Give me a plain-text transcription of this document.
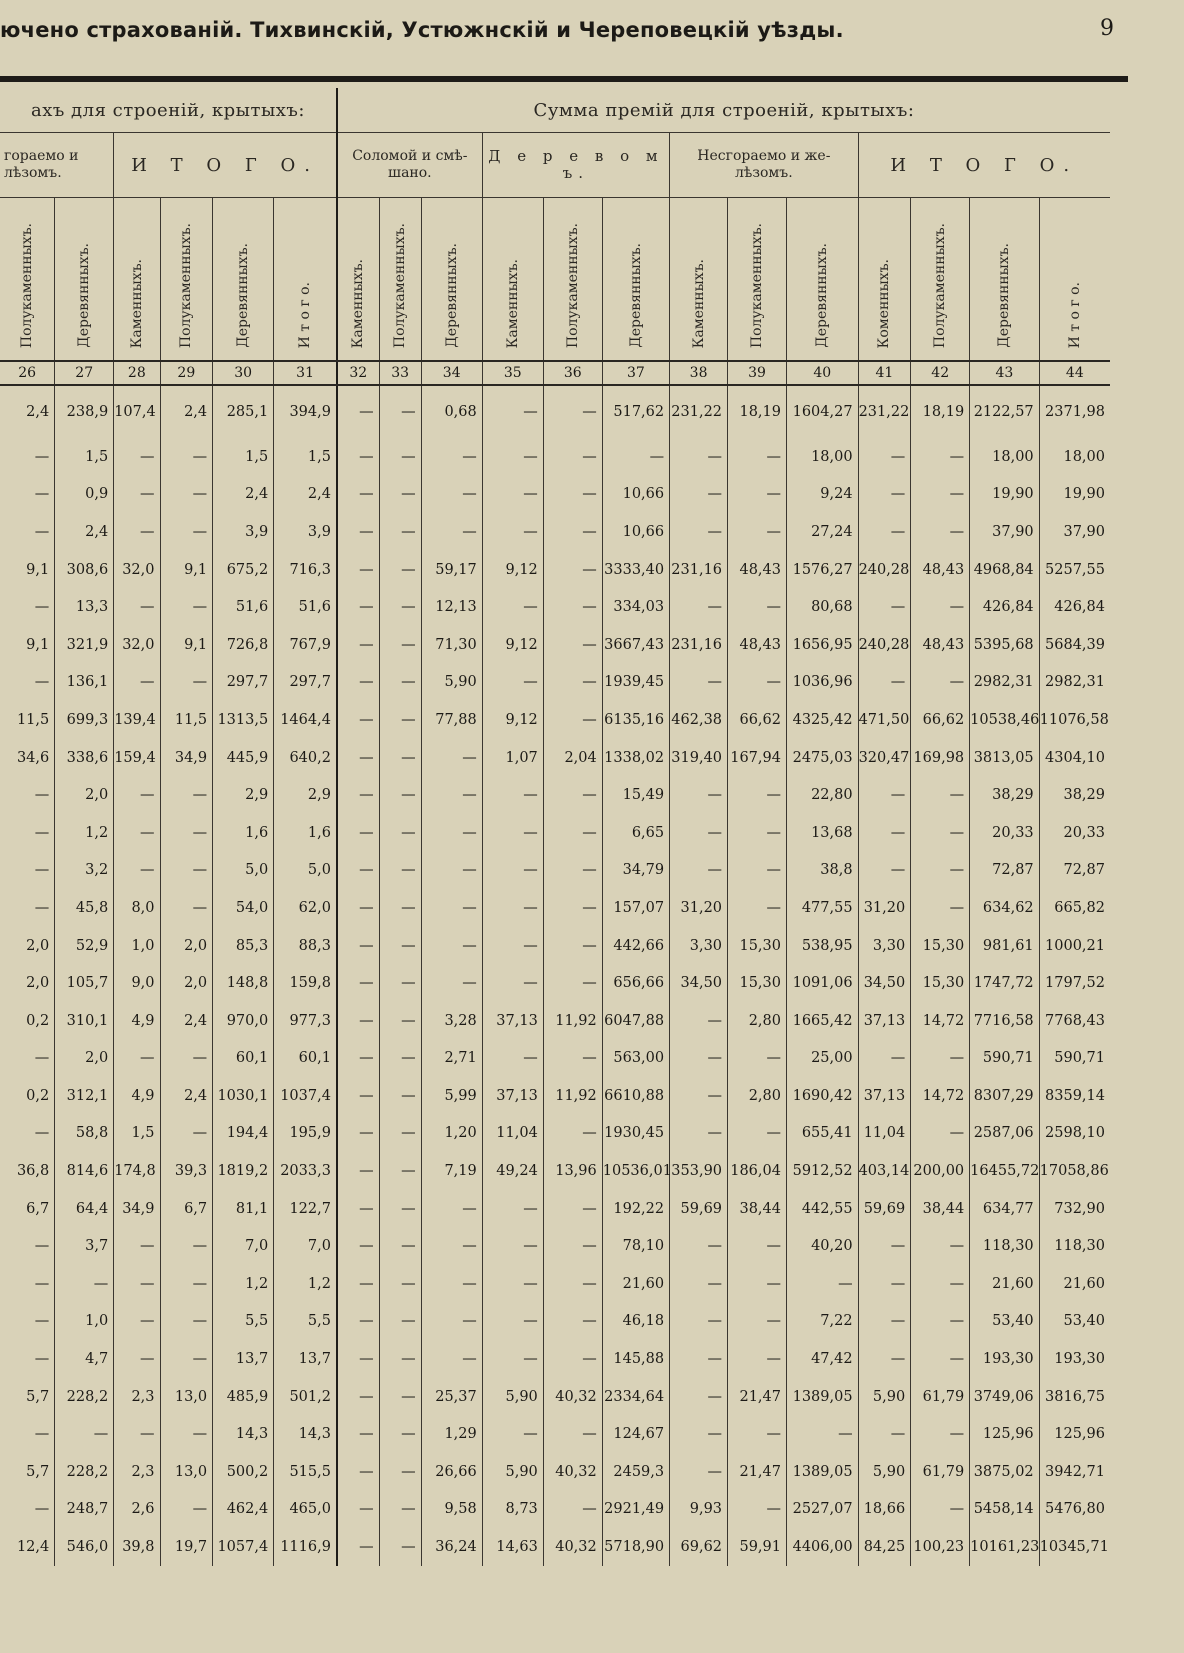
ючено страхованій. Тихвинскій, Устюжнскій и Череповецкій уѣзды.	9
ахъ для строеній, крытыхъ:						Сумма премій для строеній, крытыхъ:												
гораемо и
лѣзомъ.		И Т О Г О.				Соломой и смѣ-
шано.			Д е р е в о м ъ.			Несгораемо и же-
лѣзомъ.			И Т О Г О.			
Полукаменныхъ.	Деревянныхъ.	Каменныхъ.	Полукаменныхъ.	Деревянныхъ.	И т о г о.	Каменныхъ.	Полукаменныхъ.	Деревянныхъ.	Каменныхъ.	Полукаменныхъ.	Деревянныхъ.	Каменныхъ.	Полукаменныхъ.	Деревянныхъ.	Коменныхъ.	Полукаменныхъ.	Деревянныхъ.	И т о г о.
26	27	28	29	30	31	32	33	34	35	36	37	38	39	40	41	42	43	44
2,4	238,9	107,4	2,4	285,1	394,9	—	—	0,68	—	—	517,62	231,22	18,19	1604,27	231,22	18,19	2122,57	2371,98
—	1,5	—	—	1,5	1,5	—	—	—	—	—	—	—	—	18,00	—	—	18,00	18,00
—	0,9	—	—	2,4	2,4	—	—	—	—	—	10,66	—	—	9,24	—	—	19,90	19,90
—	2,4	—	—	3,9	3,9	—	—	—	—	—	10,66	—	—	27,24	—	—	37,90	37,90
9,1	308,6	32,0	9,1	675,2	716,3	—	—	59,17	9,12	—	3333,40	231,16	48,43	1576,27	240,28	48,43	4968,84	5257,55
—	13,3	—	—	51,6	51,6	—	—	12,13	—	—	334,03	—	—	80,68	—	—	426,84	426,84
9,1	321,9	32,0	9,1	726,8	767,9	—	—	71,30	9,12	—	3667,43	231,16	48,43	1656,95	240,28	48,43	5395,68	5684,39
—	136,1	—	—	297,7	297,7	—	—	5,90	—	—	1939,45	—	—	1036,96	—	—	2982,31	2982,31
11,5	699,3	139,4	11,5	1313,5	1464,4	—	—	77,88	9,12	—	6135,16	462,38	66,62	4325,42	471,50	66,62	10538,46	11076,58
34,6	338,6	159,4	34,9	445,9	640,2	—	—	—	1,07	2,04	1338,02	319,40	167,94	2475,03	320,47	169,98	3813,05	4304,10
—	2,0	—	—	2,9	2,9	—	—	—	—	—	15,49	—	—	22,80	—	—	38,29	38,29
—	1,2	—	—	1,6	1,6	—	—	—	—	—	6,65	—	—	13,68	—	—	20,33	20,33
—	3,2	—	—	5,0	5,0	—	—	—	—	—	34,79	—	—	38,8	—	—	72,87	72,87
—	45,8	8,0	—	54,0	62,0	—	—	—	—	—	157,07	31,20	—	477,55	31,20	—	634,62	665,82
2,0	52,9	1,0	2,0	85,3	88,3	—	—	—	—	—	442,66	3,30	15,30	538,95	3,30	15,30	981,61	1000,21
2,0	105,7	9,0	2,0	148,8	159,8	—	—	—	—	—	656,66	34,50	15,30	1091,06	34,50	15,30	1747,72	1797,52
0,2	310,1	4,9	2,4	970,0	977,3	—	—	3,28	37,13	11,92	6047,88	—	2,80	1665,42	37,13	14,72	7716,58	7768,43
—	2,0	—	—	60,1	60,1	—	—	2,71	—	—	563,00	—	—	25,00	—	—	590,71	590,71
0,2	312,1	4,9	2,4	1030,1	1037,4	—	—	5,99	37,13	11,92	6610,88	—	2,80	1690,42	37,13	14,72	8307,29	8359,14
—	58,8	1,5	—	194,4	195,9	—	—	1,20	11,04	—	1930,45	—	—	655,41	11,04	—	2587,06	2598,10
36,8	814,6	174,8	39,3	1819,2	2033,3	—	—	7,19	49,24	13,96	10536,01	353,90	186,04	5912,52	403,14	200,00	16455,72	17058,86
6,7	64,4	34,9	6,7	81,1	122,7	—	—	—	—	—	192,22	59,69	38,44	442,55	59,69	38,44	634,77	732,90
—	3,7	—	—	7,0	7,0	—	—	—	—	—	78,10	—	—	40,20	—	—	118,30	118,30
—	—	—	—	1,2	1,2	—	—	—	—	—	21,60	—	—	—	—	—	21,60	21,60
—	1,0	—	—	5,5	5,5	—	—	—	—	—	46,18	—	—	7,22	—	—	53,40	53,40
—	4,7	—	—	13,7	13,7	—	—	—	—	—	145,88	—	—	47,42	—	—	193,30	193,30
5,7	228,2	2,3	13,0	485,9	501,2	—	—	25,37	5,90	40,32	2334,64	—	21,47	1389,05	5,90	61,79	3749,06	3816,75
—	—	—	—	14,3	14,3	—	—	1,29	—	—	124,67	—	—	—	—	—	125,96	125,96
5,7	228,2	2,3	13,0	500,2	515,5	—	—	26,66	5,90	40,32	2459,3	—	21,47	1389,05	5,90	61,79	3875,02	3942,71
—	248,7	2,6	—	462,4	465,0	—	—	9,58	8,73	—	2921,49	9,93	—	2527,07	18,66	—	5458,14	5476,80
12,4	546,0	39,8	19,7	1057,4	1116,9	—	—	36,24	14,63	40,32	5718,90	69,62	59,91	4406,00	84,25	100,23	10161,23	10345,71
